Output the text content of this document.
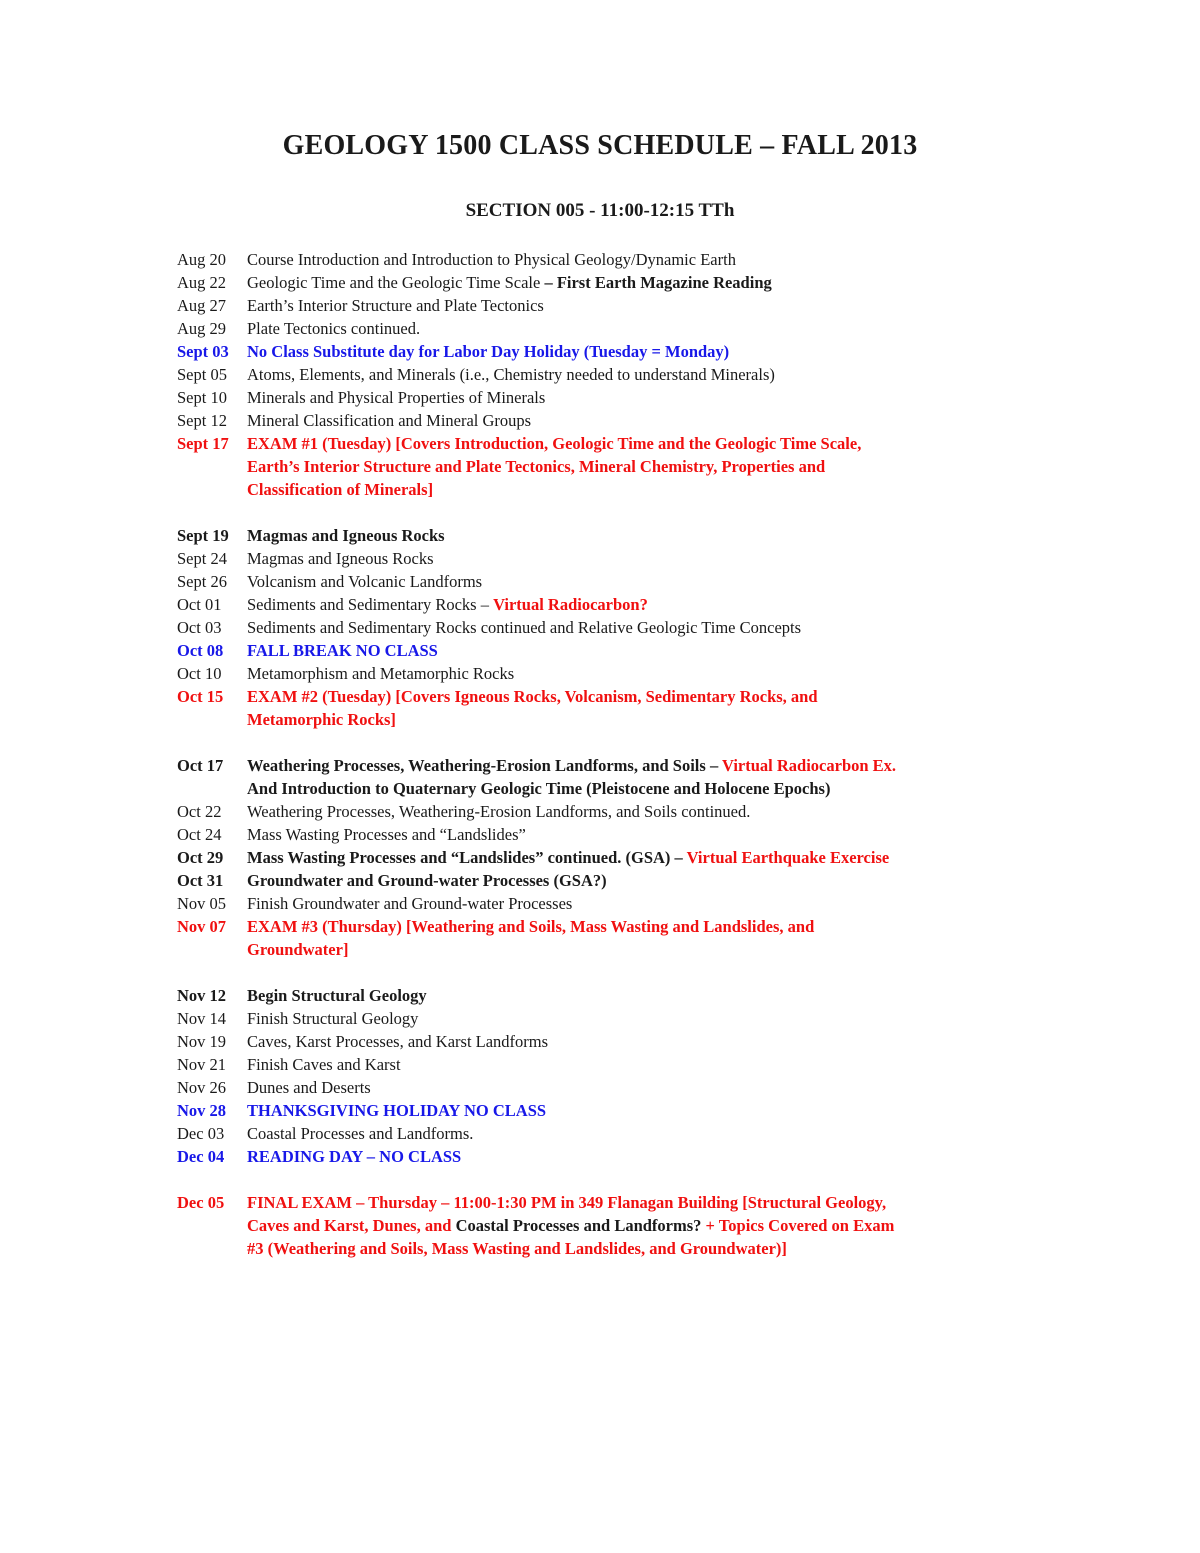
GEOLOGY 1500 CLASS SCHEDULE – FALL 2013
SECTION 005 - 11:00-12:15 TTh
Aug 20	Course Introduction and Introduction to Physical Geology/Dynamic Earth
Aug 22	Geologic Time and the Geologic Time Scale – First Earth Magazine Reading
Aug 27	Earth’s Interior Structure and Plate Tectonics
Aug 29	Plate Tectonics continued.
Sept 03	No Class Substitute day for Labor Day Holiday (Tuesday = Monday)
Sept 05	Atoms, Elements, and Minerals (i.e., Chemistry needed to understand Minerals)
Sept 10	Minerals and Physical Properties of Minerals
Sept 12	Mineral Classification and Mineral Groups
Sept 17	EXAM #1 (Tuesday) [Covers Introduction, Geologic Time and the Geologic Time Scale,
Earth’s Interior Structure and Plate Tectonics, Mineral Chemistry, Properties and
Classification of Minerals]
Sept 19	Magmas and Igneous Rocks
Sept 24	Magmas and Igneous Rocks
Sept 26	Volcanism and Volcanic Landforms
Oct 01	Sediments and Sedimentary Rocks – Virtual Radiocarbon?
Oct 03	Sediments and Sedimentary Rocks continued and Relative Geologic Time Concepts
Oct 08	FALL BREAK NO CLASS
Oct 10	Metamorphism and Metamorphic Rocks
Oct 15	EXAM #2 (Tuesday) [Covers Igneous Rocks, Volcanism, Sedimentary Rocks, and
Metamorphic Rocks]
Oct 17	Weathering Processes, Weathering-Erosion Landforms, and Soils – Virtual Radiocarbon Ex.
And Introduction to Quaternary Geologic Time (Pleistocene and Holocene Epochs)
Oct 22	Weathering Processes, Weathering-Erosion Landforms, and Soils continued.
Oct 24	Mass Wasting Processes and “Landslides”
Oct 29	Mass Wasting Processes and “Landslides” continued. (GSA) – Virtual Earthquake Exercise
Oct 31	Groundwater and Ground-water Processes (GSA?)
Nov 05	Finish Groundwater and Ground-water Processes
Nov 07	EXAM #3 (Thursday) [Weathering and Soils, Mass Wasting and Landslides, and
Groundwater]
Nov 12	Begin Structural Geology
Nov 14	Finish Structural Geology
Nov 19	Caves, Karst Processes, and Karst Landforms
Nov 21	Finish Caves and Karst
Nov 26	Dunes and Deserts
Nov 28	THANKSGIVING HOLIDAY NO CLASS
Dec 03	Coastal Processes and Landforms.
Dec 04	READING DAY – NO CLASS
Dec 05	FINAL EXAM – Thursday – 11:00-1:30 PM in 349 Flanagan Building [Structural Geology,
Caves and Karst, Dunes, and Coastal Processes and Landforms? + Topics Covered on Exam
#3 (Weathering and Soils, Mass Wasting and Landslides, and Groundwater)]
